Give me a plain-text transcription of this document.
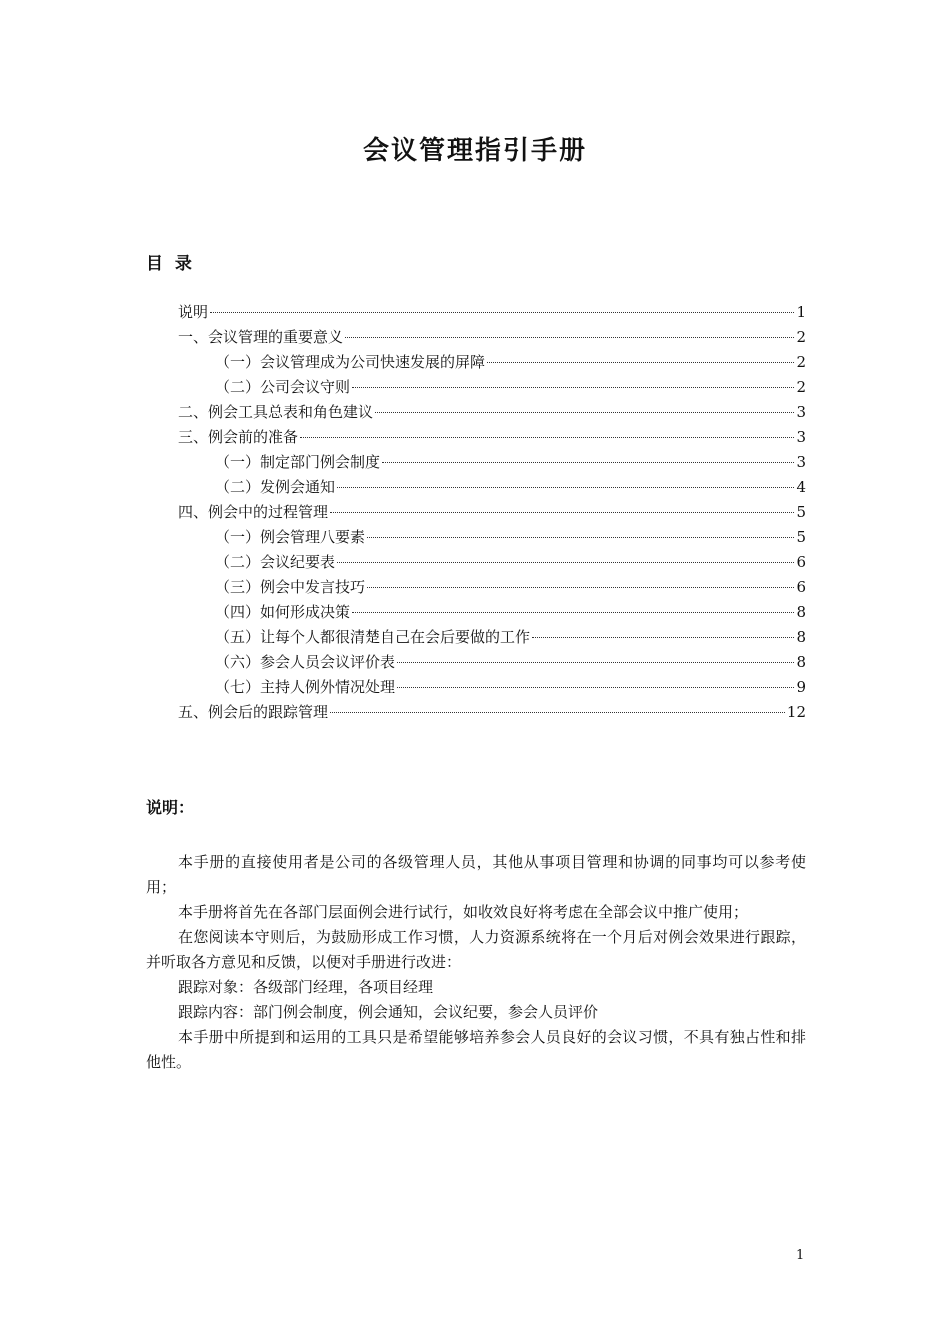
会议管理指引手册
目 录
说明	1
一、会议管理的重要意义	2
（一）会议管理成为公司快速发展的屏障	2
（二）公司会议守则	2
二、例会工具总表和角色建议	3
三、例会前的准备	3
（一）制定部门例会制度	3
（二）发例会通知	4
四、例会中的过程管理	5
（一）例会管理八要素	5
（二）会议纪要表	6
（三）例会中发言技巧	6
（四）如何形成决策	8
（五）让每个人都很清楚自己在会后要做的工作	8
（六）参会人员会议评价表	8
（七）主持人例外情况处理	9
五、例会后的跟踪管理	12
说明：

本手册的直接使用者是公司的各级管理人员，其他从事项目管理和协调的同事均可以参考使用；

本手册将首先在各部门层面例会进行试行，如收效良好将考虑在全部会议中推广使用；

在您阅读本守则后，为鼓励形成工作习惯，人力资源系统将在一个月后对例会效果进行跟踪，并听取各方意见和反馈，以便对手册进行改进：

跟踪对象：各级部门经理，各项目经理

跟踪内容：部门例会制度，例会通知，会议纪要，参会人员评价

本手册中所提到和运用的工具只是希望能够培养参会人员良好的会议习惯，不具有独占性和排他性。

1
